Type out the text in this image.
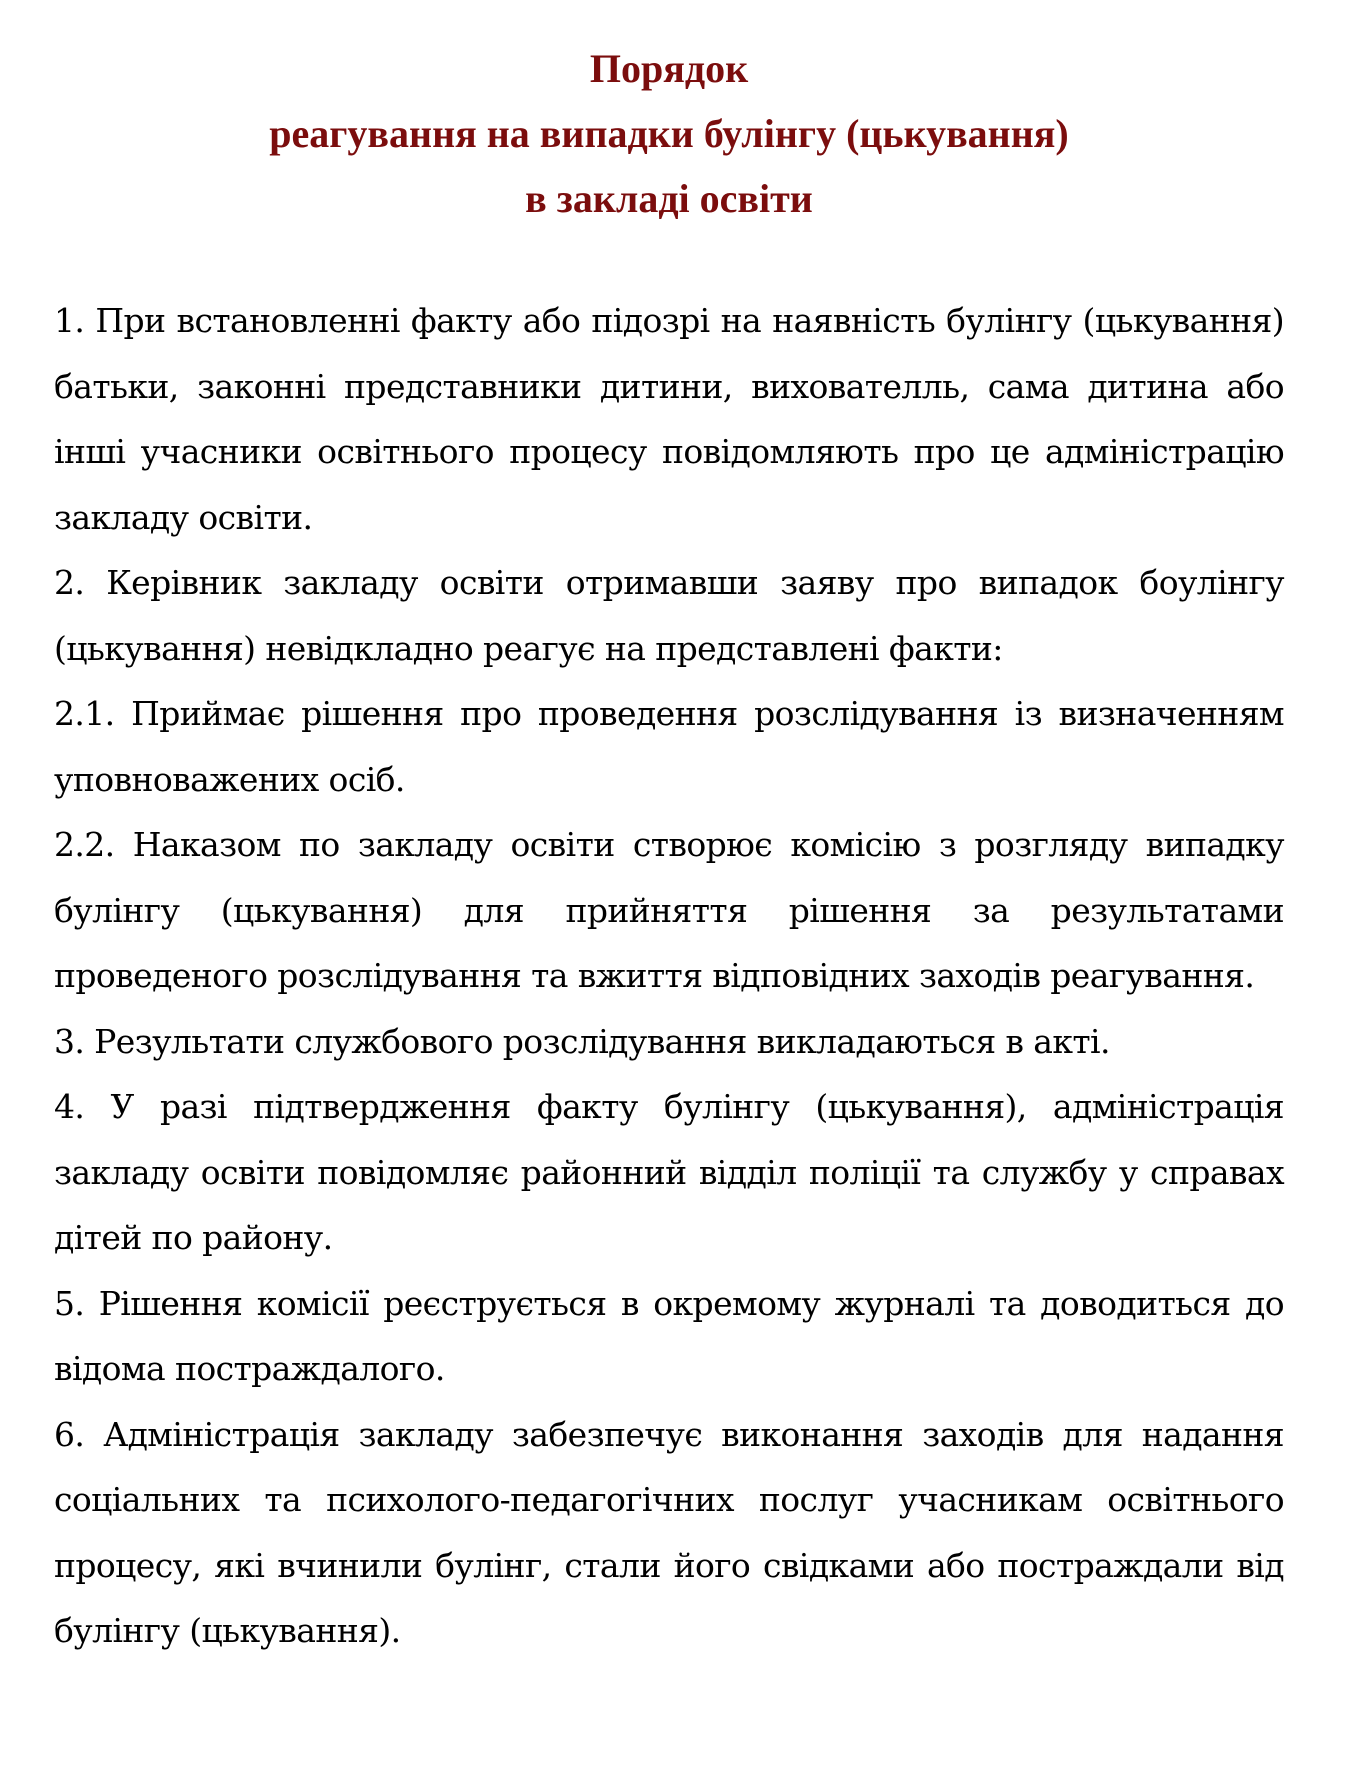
Порядок
реагування на випадки булінгу (цькування)
в закладі освіти

1. При встановленні факту або підозрі на наявність булінгу (цькування) батьки, законні представники дитини, вихователль, сама дитина або інші учасники освітнього процесу повідомляють про це адміністрацію закладу освіти.

2. Керівник закладу освіти отримавши заяву про випадок боулінгу (цькування) невідкладно реагує на представлені факти:

2.1. Приймає рішення про проведення розслідування із визначенням уповноважених осіб.

2.2. Наказом по закладу освіти створює комісію з розгляду випадку булінгу (цькування) для прийняття рішення за результатами проведеного розслідування та вжиття відповідних заходів реагування.

3. Результати службового розслідування викладаються в акті.

4. У разі підтвердження факту булінгу (цькування), адміністрація закладу освіти повідомляє районний відділ поліції та службу у справах дітей по району.

5. Рішення комісії реєструється в окремому журналі та доводиться до відома постраждалого.

6. Адміністрація закладу забезпечує виконання заходів для надання соціальних та психолого-педагогічних послуг учасникам освітнього процесу, які вчинили булінг, стали його свідками або постраждали від булінгу (цькування).
